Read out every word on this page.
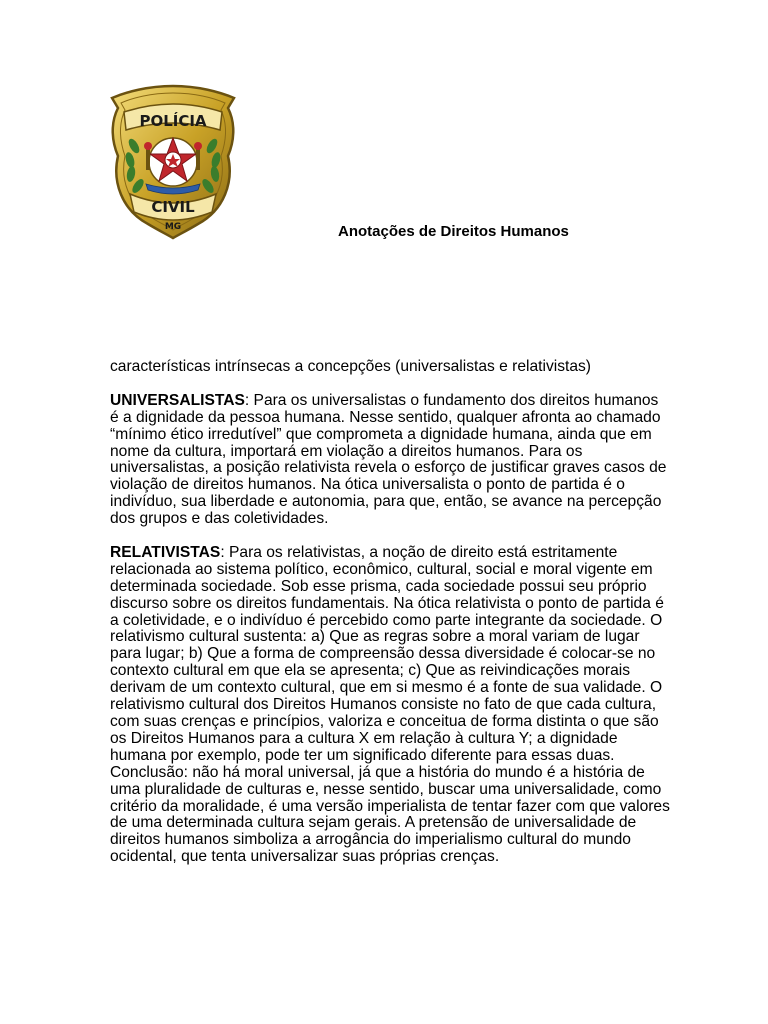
POLÍCIA
CIVIL
MG	Anotações de Direitos Humanos

características intrínsecas a concepções (universalistas e relativistas)

UNIVERSALISTAS: Para os universalistas o fundamento dos direitos humanos é a dignidade da pessoa humana. Nesse sentido, qualquer afronta ao chamado “mínimo ético irredutível” que comprometa a dignidade humana, ainda que em nome da cultura, importará em violação a direitos humanos. Para os universalistas, a posição relativista revela o esforço de justificar graves casos de violação de direitos humanos. Na ótica universalista o ponto de partida é o indivíduo, sua liberdade e autonomia, para que, então, se avance na percepção dos grupos e das coletividades.

RELATIVISTAS: Para os relativistas, a noção de direito está estritamente relacionada ao sistema político, econômico, cultural, social e moral vigente em determinada sociedade. Sob esse prisma, cada sociedade possui seu próprio discurso sobre os direitos fundamentais. Na ótica relativista o ponto de partida é a coletividade, e o indivíduo é percebido como parte integrante da sociedade. O relativismo cultural sustenta: a) Que as regras sobre a moral variam de lugar para lugar; b) Que a forma de compreensão dessa diversidade é colocar-se no contexto cultural em que ela se apresenta; c) Que as reivindicações morais derivam de um contexto cultural, que em si mesmo é a fonte de sua validade. O relativismo cultural dos Direitos Humanos consiste no fato de que cada cultura, com suas crenças e princípios, valoriza e conceitua de forma distinta o que são os Direitos Humanos para a cultura X em relação à cultura Y; a dignidade humana por exemplo, pode ter um significado diferente para essas duas. Conclusão: não há moral universal, já que a história do mundo é a história de uma pluralidade de culturas e, nesse sentido, buscar uma universalidade, como critério da moralidade, é uma versão imperialista de tentar fazer com que valores de uma determinada cultura sejam gerais. A pretensão de universalidade de direitos humanos simboliza a arrogância do imperialismo cultural do mundo ocidental, que tenta universalizar suas próprias crenças.
